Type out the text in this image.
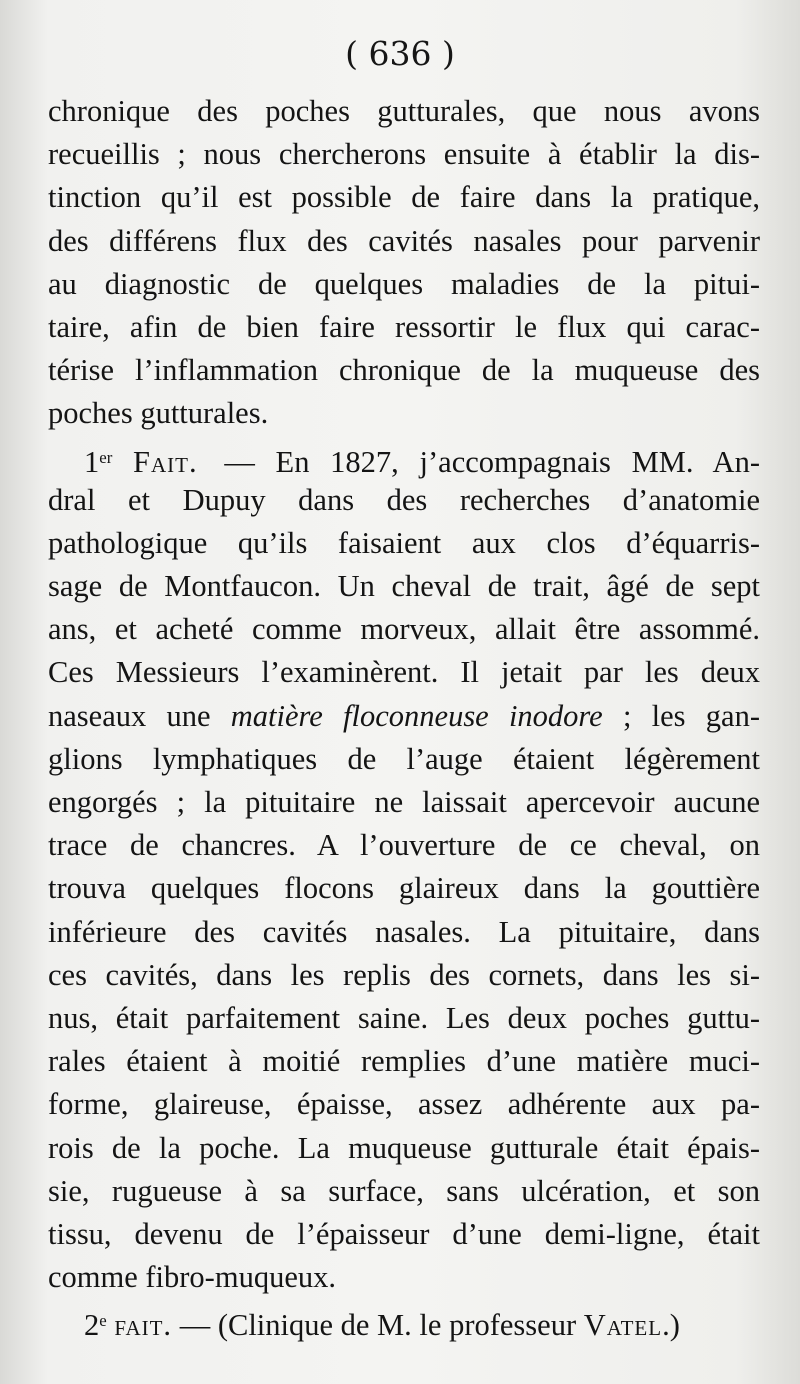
( 636 )
chronique des poches gutturales, que nous avons
recueillis ; nous chercherons ensuite à établir la dis-
tinction qu’il est possible de faire dans la pratique,
des différens flux des cavités nasales pour parvenir
au diagnostic de quelques maladies de la pitui-
taire, afin de bien faire ressortir le flux qui carac-
térise l’inflammation chronique de la muqueuse des
poches gutturales.
1er Fait. — En 1827, j’accompagnais MM. An-
dral et Dupuy dans des recherches d’anatomie
pathologique qu’ils faisaient aux clos d’équarris-
sage de Montfaucon. Un cheval de trait, âgé de sept
ans, et acheté comme morveux, allait être assommé.
Ces Messieurs l’examinèrent. Il jetait par les deux
naseaux une matière floconneuse inodore ; les gan-
glions lymphatiques de l’auge étaient légèrement
engorgés ; la pituitaire ne laissait apercevoir aucune
trace de chancres. A l’ouverture de ce cheval, on
trouva quelques flocons glaireux dans la gouttière
inférieure des cavités nasales. La pituitaire, dans
ces cavités, dans les replis des cornets, dans les si-
nus, était parfaitement saine. Les deux poches guttu-
rales étaient à moitié remplies d’une matière muci-
forme, glaireuse, épaisse, assez adhérente aux pa-
rois de la poche. La muqueuse gutturale était épais-
sie, rugueuse à sa surface, sans ulcération, et son
tissu, devenu de l’épaisseur d’une demi-ligne, était
comme fibro-muqueux.
2e fait. — (Clinique de M. le professeur Vatel.)
